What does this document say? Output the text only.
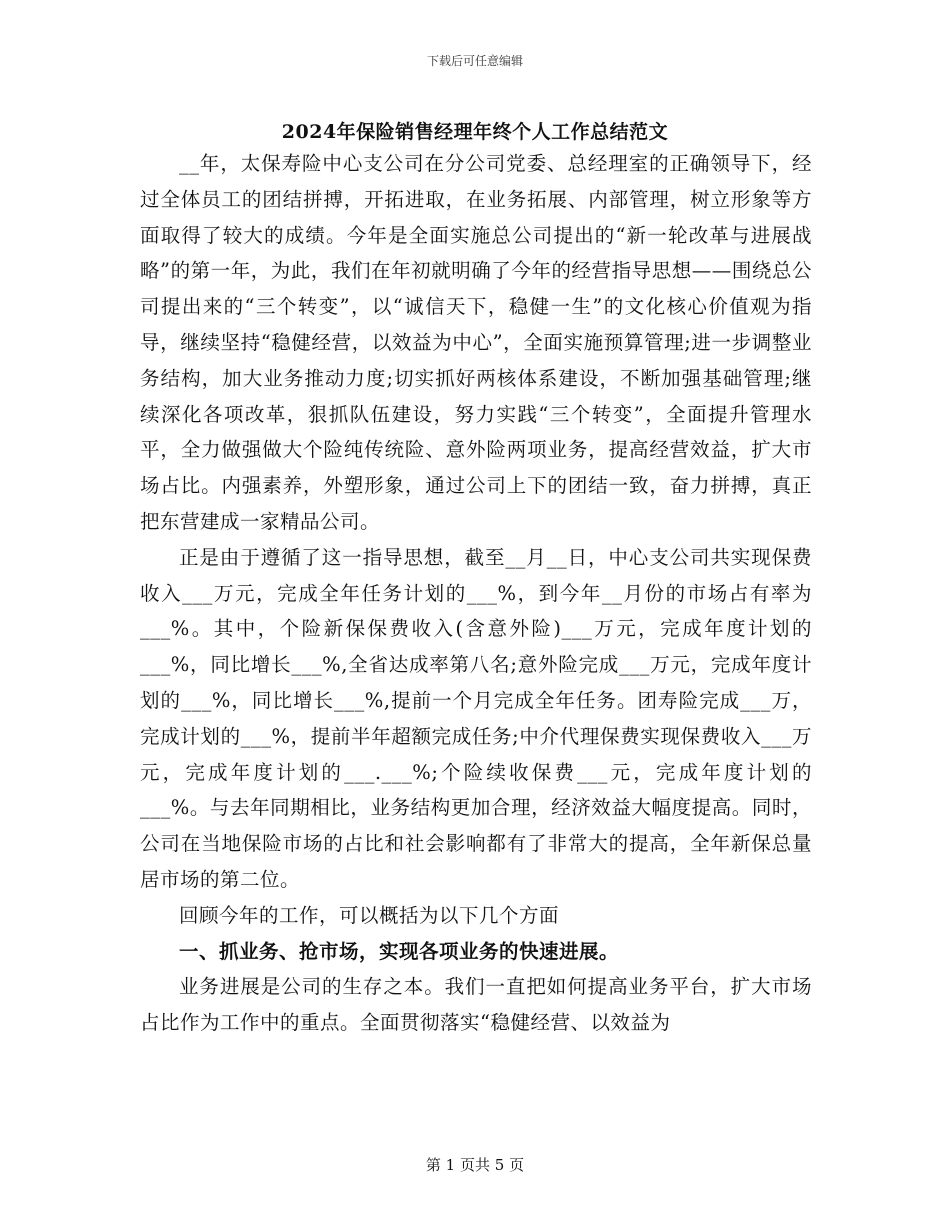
下载后可任意编辑
2024年保险销售经理年终个人工作总结范文

__年，太保寿险中心支公司在分公司党委、总经理室的正确领导下，经过全体员工的团结拼搏，开拓进取，在业务拓展、内部管理，树立形象等方面取得了较大的成绩。今年是全面实施总公司提出的“新一轮改革与进展战略”的第一年，为此，我们在年初就明确了今年的经营指导思想——围绕总公司提出来的“三个转变”，以“诚信天下，稳健一生”的文化核心价值观为指导，继续坚持“稳健经营，以效益为中心”，全面实施预算管理;进一步调整业务结构，加大业务推动力度;切实抓好两核体系建设，不断加强基础管理;继续深化各项改革，狠抓队伍建设，努力实践“三个转变”，全面提升管理水平，全力做强做大个险纯传统险、意外险两项业务，提高经营效益，扩大市场占比。内强素养，外塑形象，通过公司上下的团结一致，奋力拼搏，真正把东营建成一家精品公司。

正是由于遵循了这一指导思想，截至__月__日，中心支公司共实现保费收入___万元，完成全年任务计划的___%，到今年__月份的市场占有率为___%。其中，个险新保保费收入(含意外险)___万元，完成年度计划的___%，同比增长___%,全省达成率第八名;意外险完成___万元，完成年度计划的___%，同比增长___%,提前一个月完成全年任务。团寿险完成___万，完成计划的___%，提前半年超额完成任务;中介代理保费实现保费收入___万元，完成年度计划的___.___%;个险续收保费___元，完成年度计划的___%。与去年同期相比，业务结构更加合理，经济效益大幅度提高。同时，公司在当地保险市场的占比和社会影响都有了非常大的提高，全年新保总量居市场的第二位。

回顾今年的工作，可以概括为以下几个方面

一、抓业务、抢市场，实现各项业务的快速进展。

业务进展是公司的生存之本。我们一直把如何提高业务平台，扩大市场占比作为工作中的重点。全面贯彻落实“稳健经营、以效益为

第 1 页共 5 页
